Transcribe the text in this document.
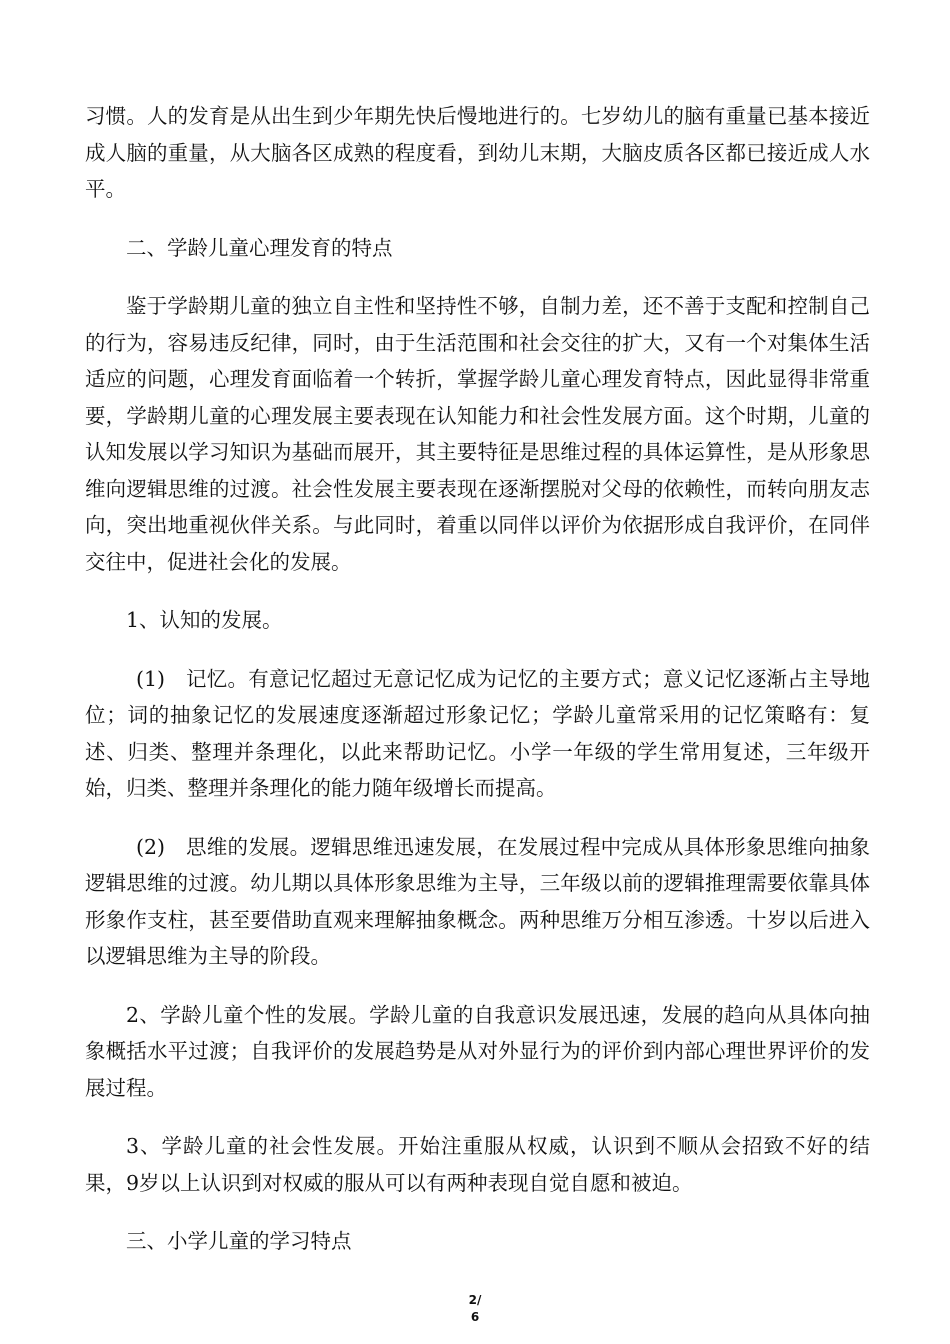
习惯。人的发育是从出生到少年期先快后慢地进行的。七岁幼儿的脑有重量已基本接近成人脑的重量，从大脑各区成熟的程度看，到幼儿末期，大脑皮质各区都已接近成人水平。

二、学龄儿童心理发育的特点

鉴于学龄期儿童的独立自主性和坚持性不够，自制力差，还不善于支配和控制自己的行为，容易违反纪律，同时，由于生活范围和社会交往的扩大，又有一个对集体生活适应的问题，心理发育面临着一个转折，掌握学龄儿童心理发育特点，因此显得非常重要，学龄期儿童的心理发展主要表现在认知能力和社会性发展方面。这个时期，儿童的认知发展以学习知识为基础而展开，其主要特征是思维过程的具体运算性，是从形象思维向逻辑思维的过渡。社会性发展主要表现在逐渐摆脱对父母的依赖性，而转向朋友志向，突出地重视伙伴关系。与此同时，着重以同伴以评价为依据形成自我评价，在同伴交往中，促进社会化的发展。

1、认知的发展。

(1)　记忆。有意记忆超过无意记忆成为记忆的主要方式；意义记忆逐渐占主导地位；词的抽象记忆的发展速度逐渐超过形象记忆；学龄儿童常采用的记忆策略有：复述、归类、整理并条理化，以此来帮助记忆。小学一年级的学生常用复述，三年级开始，归类、整理并条理化的能力随年级增长而提高。

(2)　思维的发展。逻辑思维迅速发展，在发展过程中完成从具体形象思维向抽象逻辑思维的过渡。幼儿期以具体形象思维为主导，三年级以前的逻辑推理需要依靠具体形象作支柱，甚至要借助直观来理解抽象概念。两种思维万分相互渗透。十岁以后进入以逻辑思维为主导的阶段。

2、学龄儿童个性的发展。学龄儿童的自我意识发展迅速，发展的趋向从具体向抽象概括水平过渡；自我评价的发展趋势是从对外显行为的评价到内部心理世界评价的发展过程。

3、学龄儿童的社会性发展。开始注重服从权威，认识到不顺从会招致不好的结果，9岁以上认识到对权威的服从可以有两种表现自觉自愿和被迫。

三、小学儿童的学习特点

2/
6
